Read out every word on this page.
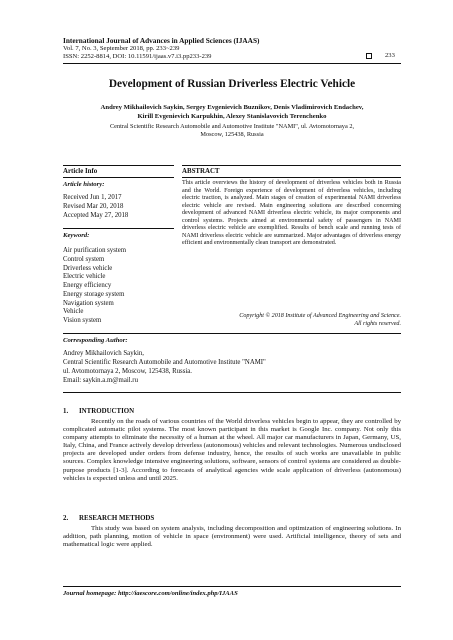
International Journal of Advances in Applied Sciences (IJAAS)
Vol. 7, No. 3, September 2018, pp. 233~239
ISSN: 2252-8814, DOI: 10.11591/ijaas.v7.i3.pp233-239	233
Development of Russian Driverless Electric Vehicle
Andrey Mikhailovich Saykin, Sergey Evgenievich Buznikov, Denis Vladimirovich Endachev,
Kirill Evgenievich Karpukhin, Alexey Stanislavovich Terenchenko
Central Scientific Research Automobile and Automotive Institute "NAMI", ul. Avtomotornaya 2,
Moscow, 125438, Russia
Article Info	ABSTRACT
Article history:
Received Jun 1, 2017
Revised Mar 20, 2018
Accepted May 27, 2018
Keyword:
Air purification system
Control system
Driverless vehicle
Electric vehicle
Energy efficiency
Energy storage system
Navigation system
Vehicle
Vision system
This article overviews the history of development of driverless vehicles both in Russia and the World. Foreign experience of development of driverless vehicles, including electric traction, is analyzed. Main stages of creation of experimental NAMI driverless electric vehicle are revised. Main engineering solutions are described concerning development of advanced NAMI driverless electric vehicle, its major components and control systems. Projects aimed at environmental safety of passengers in NAMI driverless electric vehicle are exemplified. Results of bench scale and running tests of NAMI driverless electric vehicle are summarized. Major advantages of driverless energy efficient and environmentally clean transport are demonstrated.
Copyright © 2018 Institute of Advanced Engineering and Science.
All rights reserved.
Corresponding Author:
Andrey Mikhailovich Saykin,
Central Scientific Research Automobile and Automotive Institute "NAMI"
ul. Avtomotornaya 2, Moscow, 125438, Russia.
Email: saykin.a.m@mail.ru
1. INTRODUCTION
Recently on the roads of various countries of the World driverless vehicles begin to appear, they are controlled by complicated automatic pilot systems. The most known participant in this market is Google Inc. company. Not only this company attempts to eliminate the necessity of a human at the wheel. All major car manufacturers in Japan, Germany, US, Italy, China, and France actively develop driverless (autonomous) vehicles and relevant technologies. Numerous undisclosed projects are developed under orders from defense industry, hence, the results of such works are unavailable in public sources. Complex knowledge intensive engineering solutions, software, sensors of control systems are considered as double-purpose products [1-3]. According to forecasts of analytical agencies wide scale application of driverless (autonomous) vehicles is expected unless and until 2025.
2. RESEARCH METHODS
This study was based on system analysis, including decomposition and optimization of engineering solutions. In addition, path planning, motion of vehicle in space (environment) were used. Artificial intelligence, theory of sets and mathematical logic were applied.
Journal homepage: http://iaescore.com/online/index.php/IJAAS
